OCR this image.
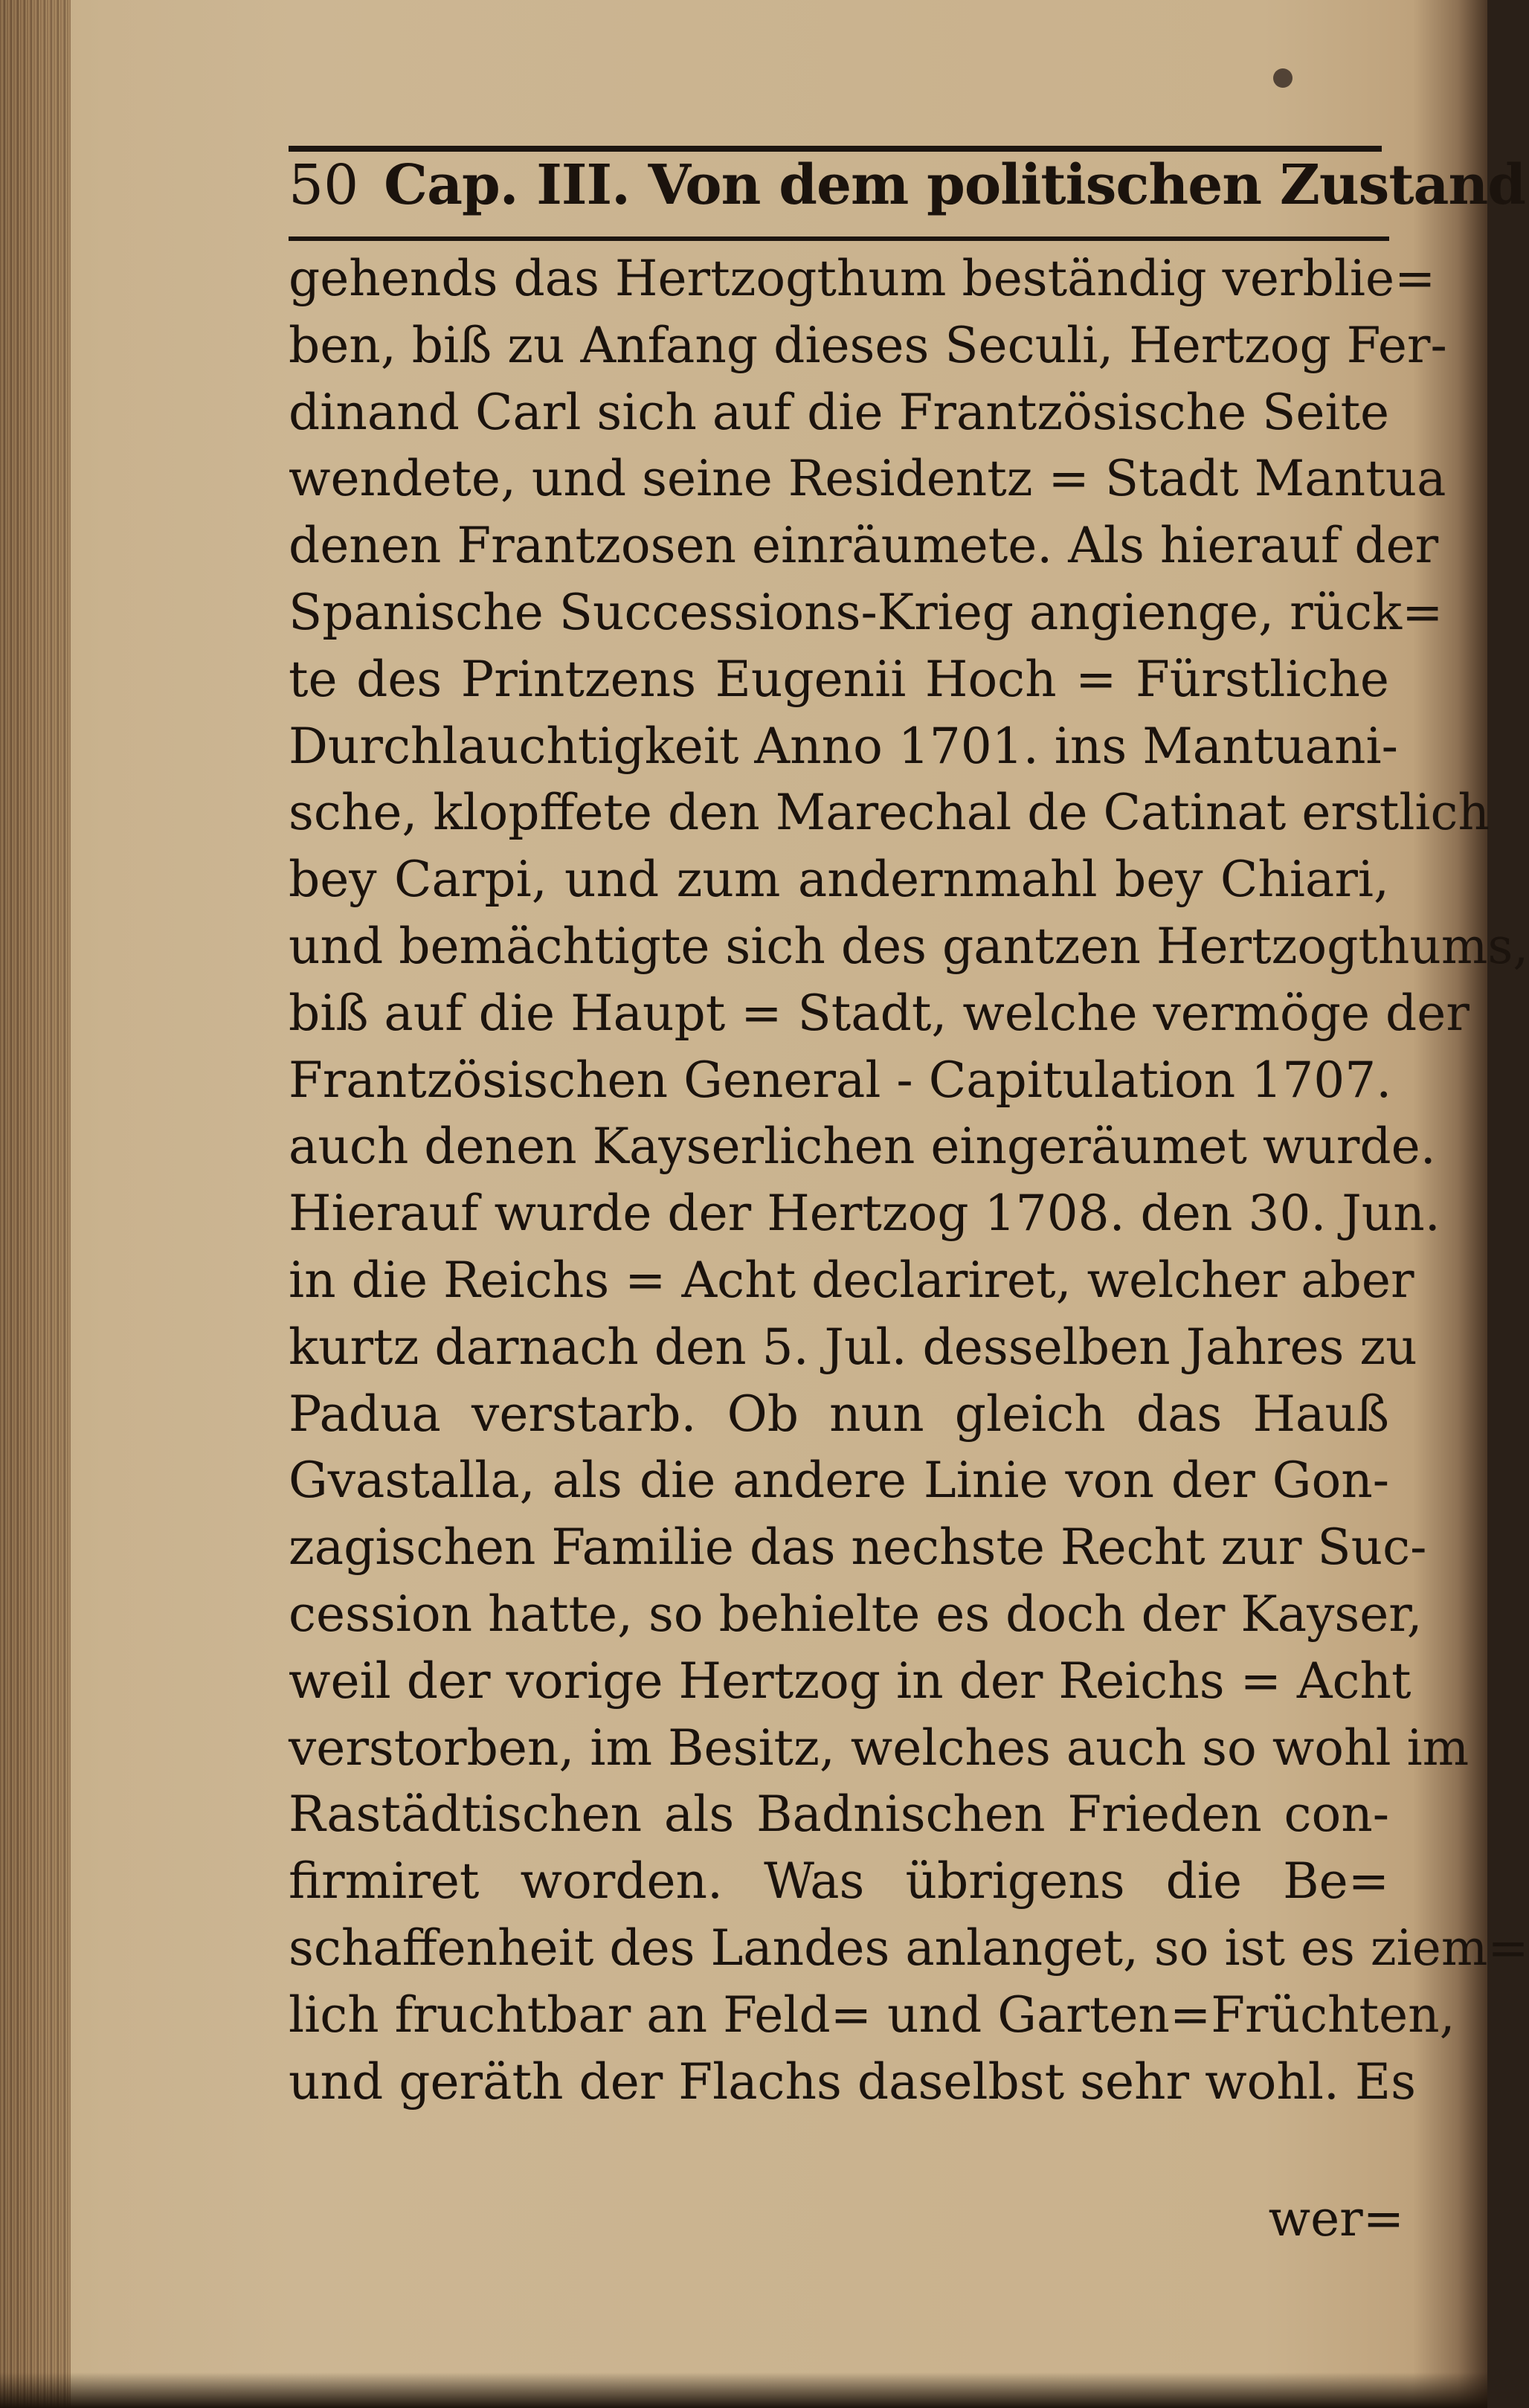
50 Cap. III. Von dem politischen Zustand
gehends das Hertzogthum beständig verblie=
ben, biß zu Anfang dieses Seculi, Hertzog Fer-
dinand Carl sich auf die Frantzösische Seite
wendete, und seine Residentz = Stadt Mantua
denen Frantzosen einräumete. Als hierauf der
Spanische Successions-Krieg angienge, rück=
te des Printzens Eugenii Hoch = Fürstliche
Durchlauchtigkeit Anno 1701. ins Mantuani-
sche, klopffete den Marechal de Catinat erstlich
bey Carpi, und zum andernmahl bey Chiari,
und bemächtigte sich des gantzen Hertzogthums,
biß auf die Haupt = Stadt, welche vermöge der
Frantzösischen General - Capitulation 1707.
auch denen Kayserlichen eingeräumet wurde.
Hierauf wurde der Hertzog 1708. den 30. Jun.
in die Reichs = Acht declariret, welcher aber
kurtz darnach den 5. Jul. desselben Jahres zu
Padua verstarb. Ob nun gleich das Hauß
Gvastalla, als die andere Linie von der Gon-
zagischen Familie das nechste Recht zur Suc-
cession hatte, so behielte es doch der Kayser,
weil der vorige Hertzog in der Reichs = Acht
verstorben, im Besitz, welches auch so wohl im
Rastädtischen als Badnischen Frieden con-
firmiret worden. Was übrigens die Be=
schaffenheit des Landes anlanget, so ist es ziem=
lich fruchtbar an Feld= und Garten=Früchten,
und geräth der Flachs daselbst sehr wohl. Es
wer=
